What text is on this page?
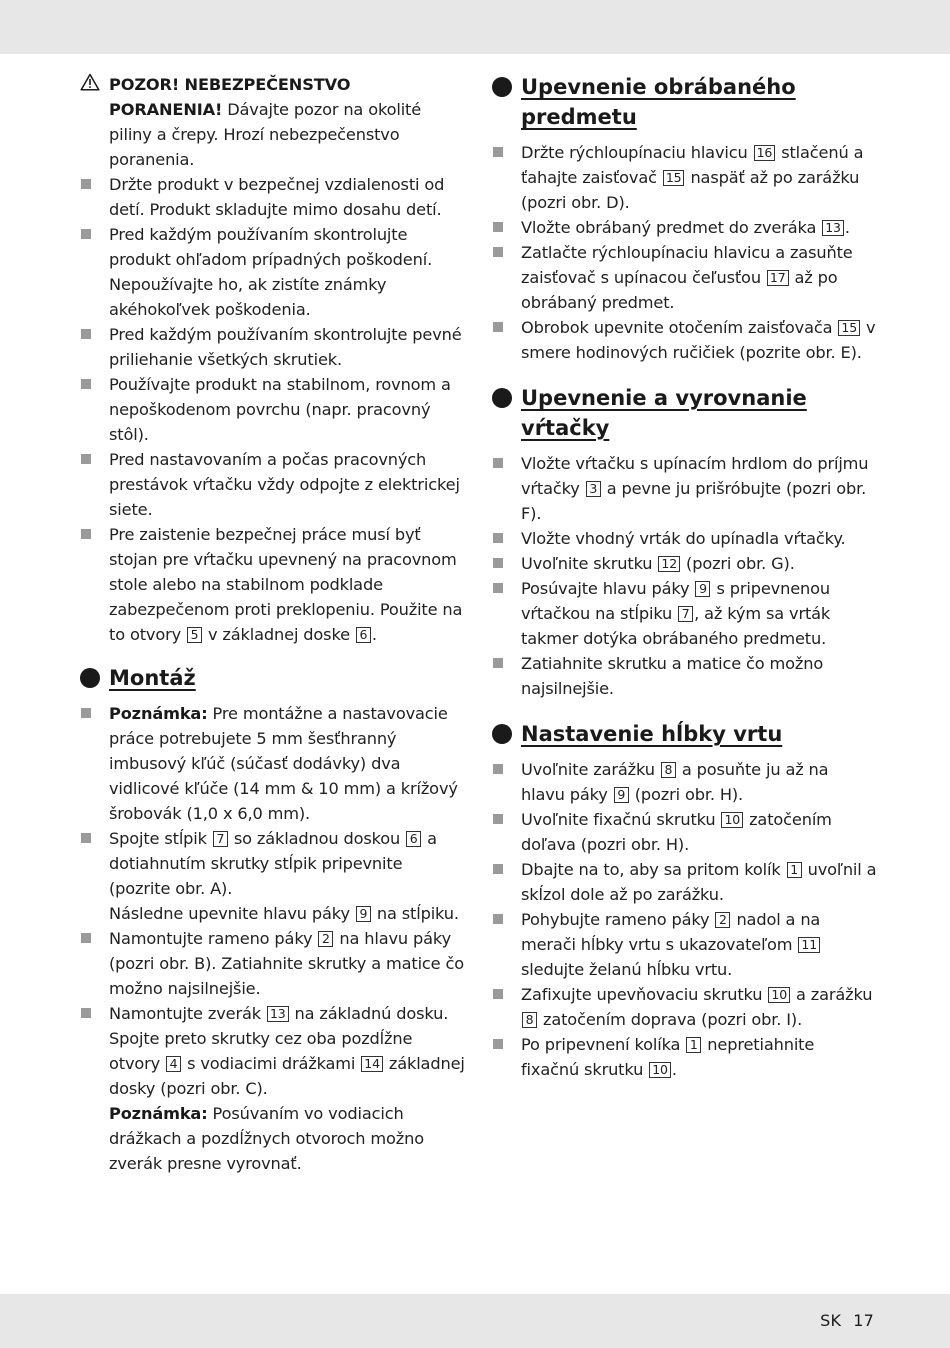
POZOR! NEBEZPEČENSTVO PORANENIA! Dávajte pozor na okolité piliny a črepy. Hrozí nebezpečenstvo poranenia.
Držte produkt v bezpečnej vzdialenosti od detí. Produkt skladujte mimo dosahu detí.
Pred každým používaním skontrolujte produkt ohľadom prípadných poškodení. Nepoužívajte ho, ak zistíte známky akéhokoľvek poškodenia.
Pred každým používaním skontrolujte pevné priliehanie všetkých skrutiek.
Používajte produkt na stabilnom, rovnom a nepoškodenom povrchu (napr. pracovný stôl).
Pred nastavovaním a počas pracovných prestávok vŕtačku vždy odpojte z elektrickej siete.
Pre zaistenie bezpečnej práce musí byť stojan pre vŕtačku upevnený na pracovnom stole alebo na stabilnom podklade zabezpečenom proti preklopeniu. Použite na to otvory 5 v základnej doske 6 .
Montáž
Poznámka: Pre montážne a nastavovacie práce potrebujete 5 mm šesťhranný imbusový kľúč (súčasť dodávky) dva vidlicové kľúče (14 mm & 10 mm) a krížový šrobovák (1,0 x 6,0 mm).
Spojte stĺpik 7 so základnou doskou 6 a dotiahnutím skrutky stĺpik pripevnite (pozrite obr. A).
Následne upevnite hlavu páky 9 na stĺpiku.
Namontujte rameno páky 2 na hlavu páky (pozri obr. B). Zatiahnite skrutky a matice čo možno najsilnejšie.
Namontujte zverák 13 na základnú dosku. Spojte preto skrutky cez oba pozdĺžne otvory 4 s vodiacimi drážkami 14 základnej dosky (pozri obr. C).
Poznámka: Posúvaním vo vodiacich drážkach a pozdĺžnych otvoroch možno zverák presne vyrovnať.
Upevnenie obrábaného predmetu
Držte rýchloupínaciu hlavicu 16 stlačenú a ťahajte zaisťovač 15 naspäť až po zarážku (pozri obr. D).
Vložte obrábaný predmet do zveráka 13 .
Zatlačte rýchloupínaciu hlavicu a zasuňte zaisťovač s upínacou čeľusťou 17 až po obrábaný predmet.
Obrobok upevnite otočením zaisťovača 15 v smere hodinových ručičiek (pozrite obr. E).
Upevnenie a vyrovnanie vŕtačky
Vložte vŕtačku s upínacím hrdlom do príjmu vŕtačky 3 a pevne ju prišróbujte (pozri obr. F).
Vložte vhodný vrták do upínadla vŕtačky.
Uvoľnite skrutku 12 (pozri obr. G).
Posúvajte hlavu páky 9 s pripevnenou vŕtačkou na stĺpiku 7 , až kým sa vrták takmer dotýka obrábaného predmetu.
Zatiahnite skrutku a matice čo možno najsilnejšie.
Nastavenie hĺbky vrtu
Uvoľnite zarážku 8 a posuňte ju až na hlavu páky 9 (pozri obr. H).
Uvoľnite fixačnú skrutku 10 zatočením doľava (pozri obr. H).
Dbajte na to, aby sa pritom kolík 1 uvoľnil a skĺzol dole až po zarážku.
Pohybujte rameno páky 2 nadol a na merači hĺbky vrtu s ukazovateľom 11 sledujte želanú hĺbku vrtu.
Zafixujte upevňovaciu skrutku 10 a zarážku 8 zatočením doprava (pozri obr. I).
Po pripevnení kolíka 1 nepretiahnite fixačnú skrutku 10 .
SK 17
